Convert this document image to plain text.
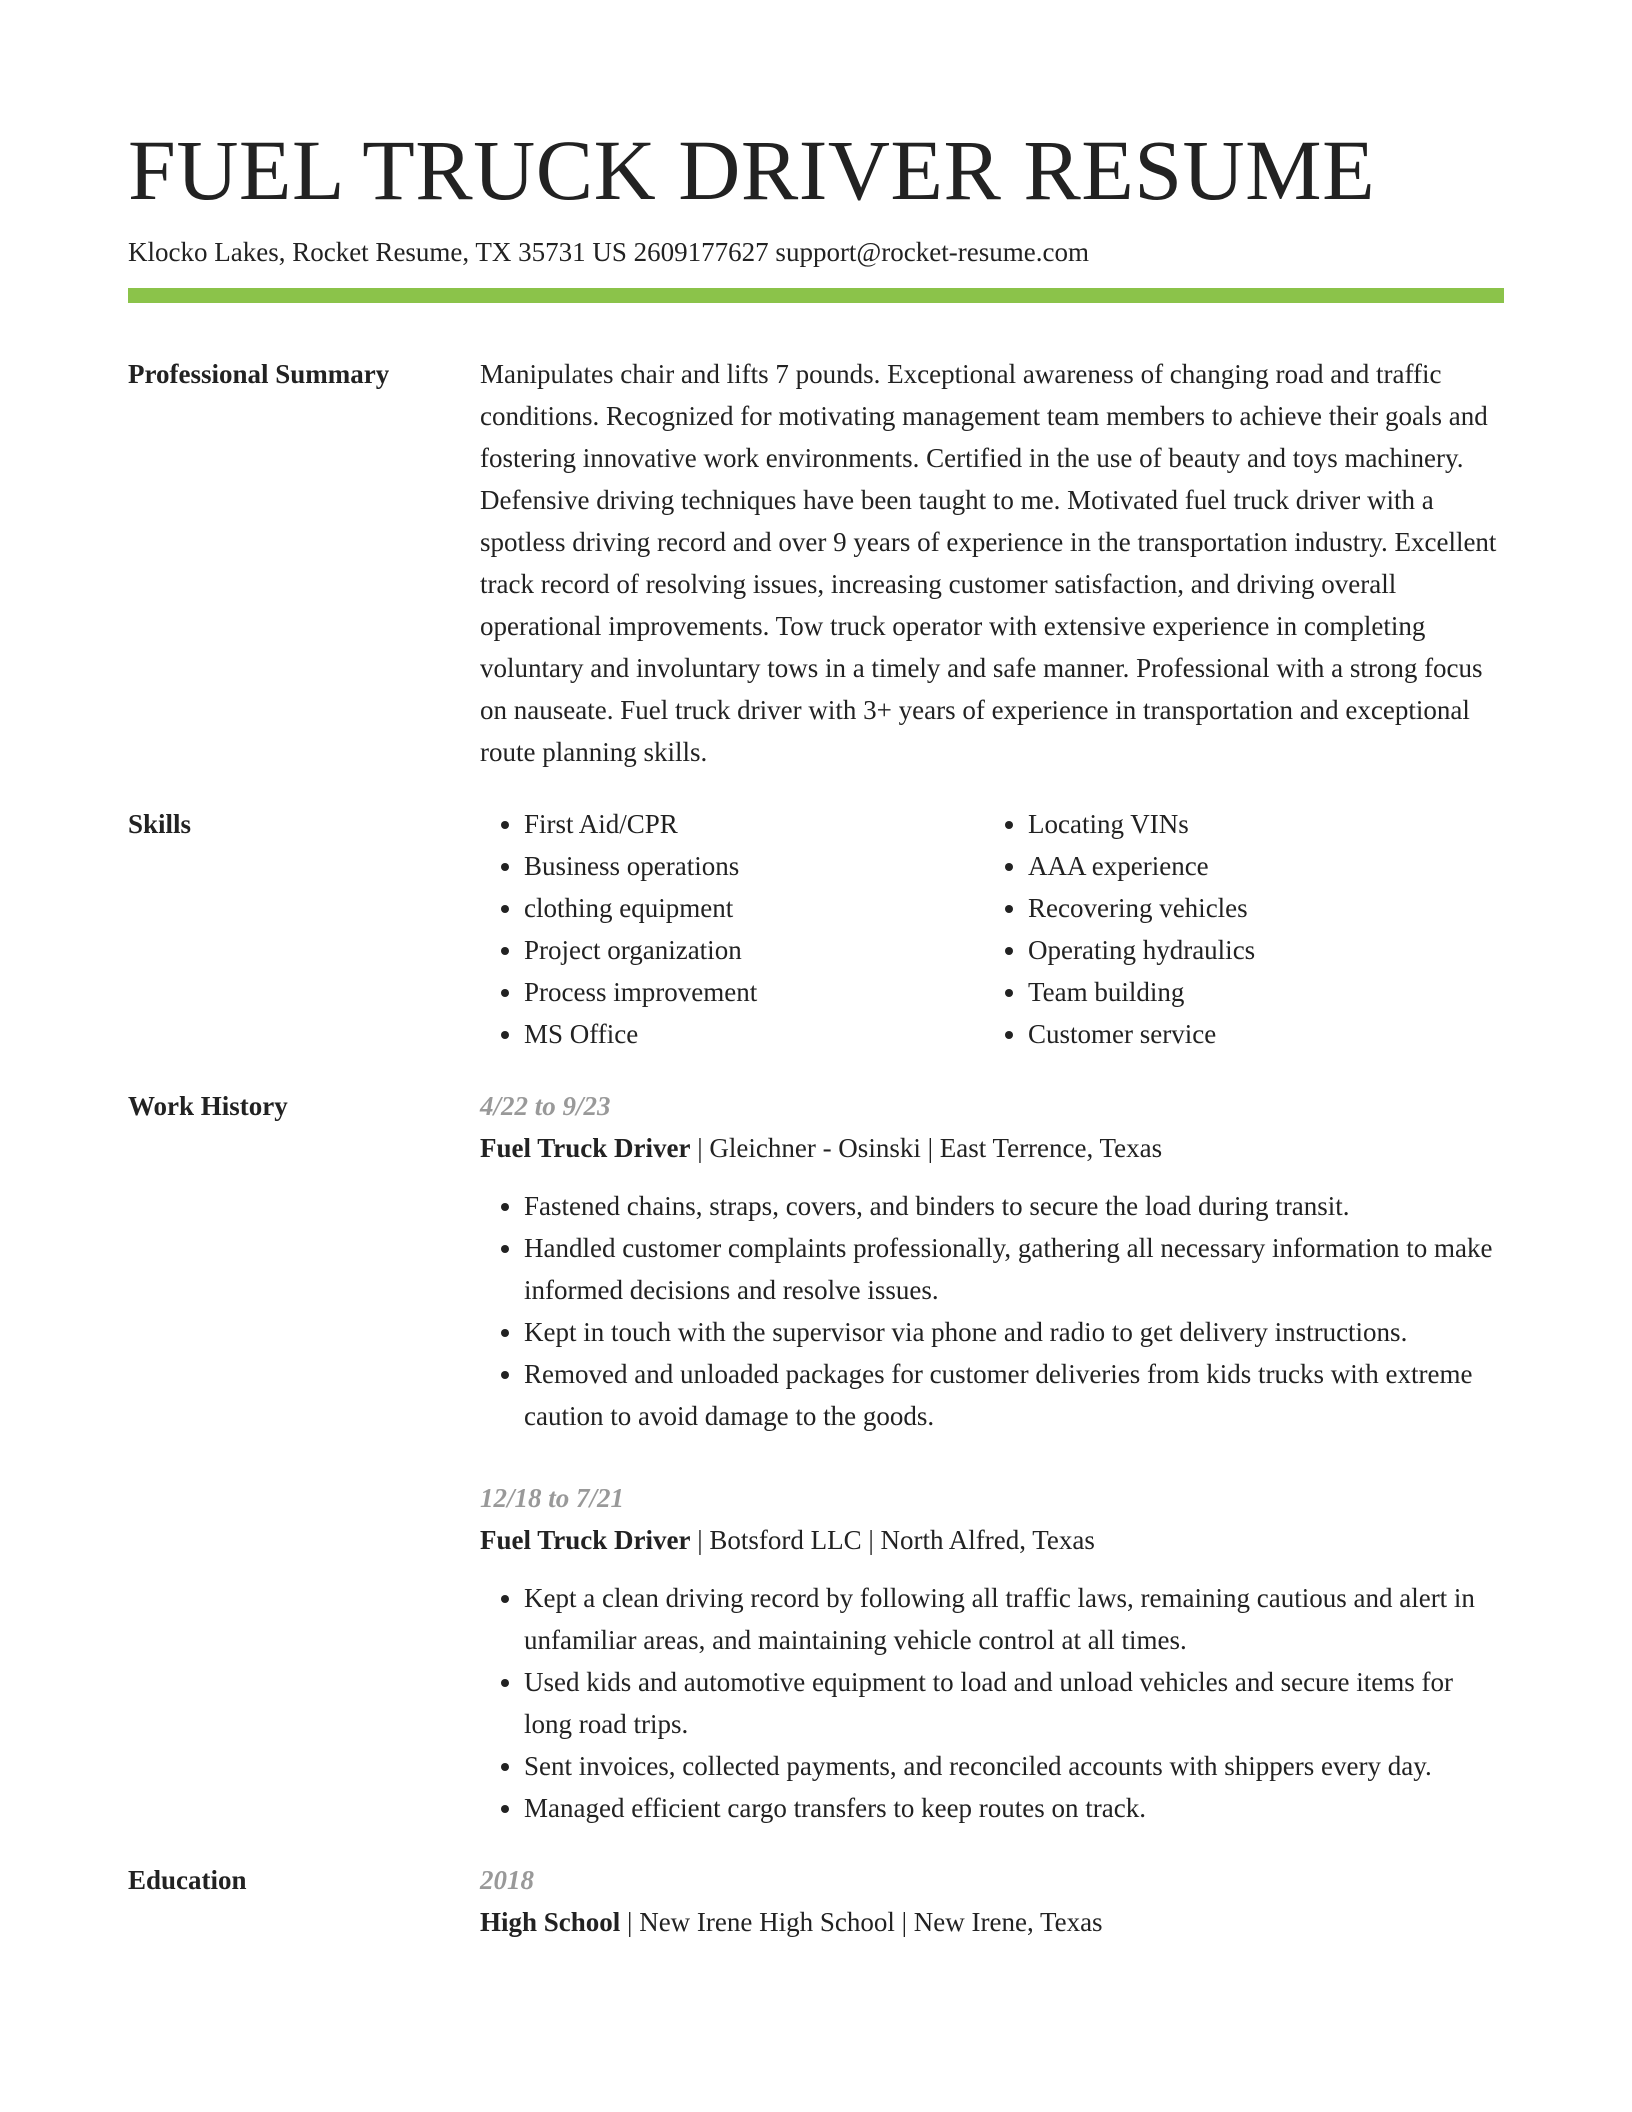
FUEL TRUCK DRIVER RESUME
Klocko Lakes, Rocket Resume, TX 35731 US 2609177627 support@rocket-resume.com
Professional Summary	Manipulates chair and lifts 7 pounds. Exceptional awareness of changing road and traffic conditions. Recognized for motivating management team members to achieve their goals and fostering innovative work environments. Certified in the use of beauty and toys machinery. Defensive driving techniques have been taught to me. Motivated fuel truck driver with a spotless driving record and over 9 years of experience in the transportation industry. Excellent track record of resolving issues, increasing customer satisfaction, and driving overall operational improvements. Tow truck operator with extensive experience in completing voluntary and involuntary tows in a timely and safe manner. Professional with a strong focus on nauseate. Fuel truck driver with 3+ years of experience in transportation and exceptional route planning skills.

Skills
•	First Aid/CPR
• Business operations
• clothing equipment
• Project organization
• Process improvement
• MS Office
• Locating VINs
• AAA experience
• Recovering vehicles
• Operating hydraulics
• Team building
• Customer service
Work History	4/22 to 9/23
Fuel Truck Driver | Gleichner - Osinski | East Terrence, Texas
• Fastened chains, straps, covers, and binders to secure the load during transit.
• Handled customer complaints professionally, gathering all necessary information to make informed decisions and resolve issues.
• Kept in touch with the supervisor via phone and radio to get delivery instructions.
• Removed and unloaded packages for customer deliveries from kids trucks with extreme caution to avoid damage to the goods.
12/18 to 7/21
Fuel Truck Driver | Botsford LLC | North Alfred, Texas
• Kept a clean driving record by following all traffic laws, remaining cautious and alert in unfamiliar areas, and maintaining vehicle control at all times.
• Used kids and automotive equipment to load and unload vehicles and secure items for long road trips.
• Sent invoices, collected payments, and reconciled accounts with shippers every day.
• Managed efficient cargo transfers to keep routes on track.
Education	2018
High School | New Irene High School | New Irene, Texas
